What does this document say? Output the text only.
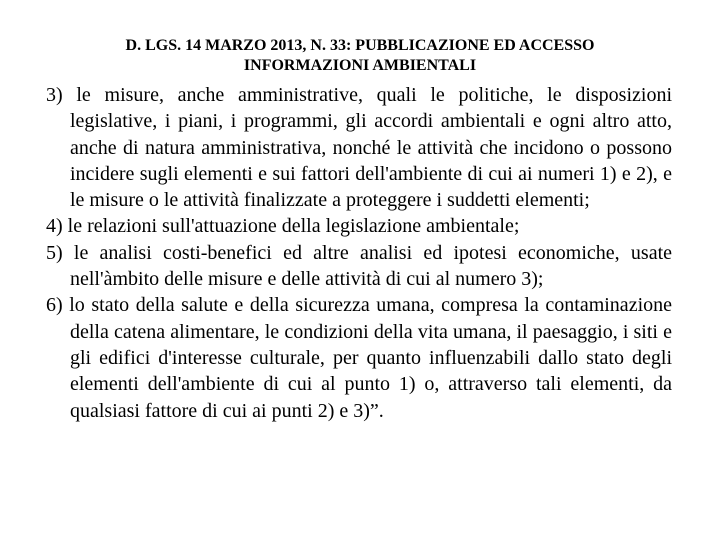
D. LGS. 14 MARZO 2013, N. 33: PUBBLICAZIONE ED ACCESSO
INFORMAZIONI AMBIENTALI
3) le misure, anche amministrative, quali le politiche, le disposizioni legislative, i piani, i programmi, gli accordi ambientali e ogni altro atto, anche di natura amministrativa, nonché le attività che incidono o possono incidere sugli elementi e sui fattori dell'ambiente di cui ai numeri 1) e 2), e le misure o le attività finalizzate a proteggere i suddetti elementi;
4) le relazioni sull'attuazione della legislazione ambientale;
5) le analisi costi-benefici ed altre analisi ed ipotesi economiche, usate nell'àmbito delle misure e delle attività di cui al numero 3);
6) lo stato della salute e della sicurezza umana, compresa la contaminazione della catena alimentare, le condizioni della vita umana, il paesaggio, i siti e gli edifici d'interesse culturale, per quanto influenzabili dallo stato degli elementi dell'ambiente di cui al punto 1) o, attraverso tali elementi, da qualsiasi fattore di cui ai punti 2) e 3)”.
